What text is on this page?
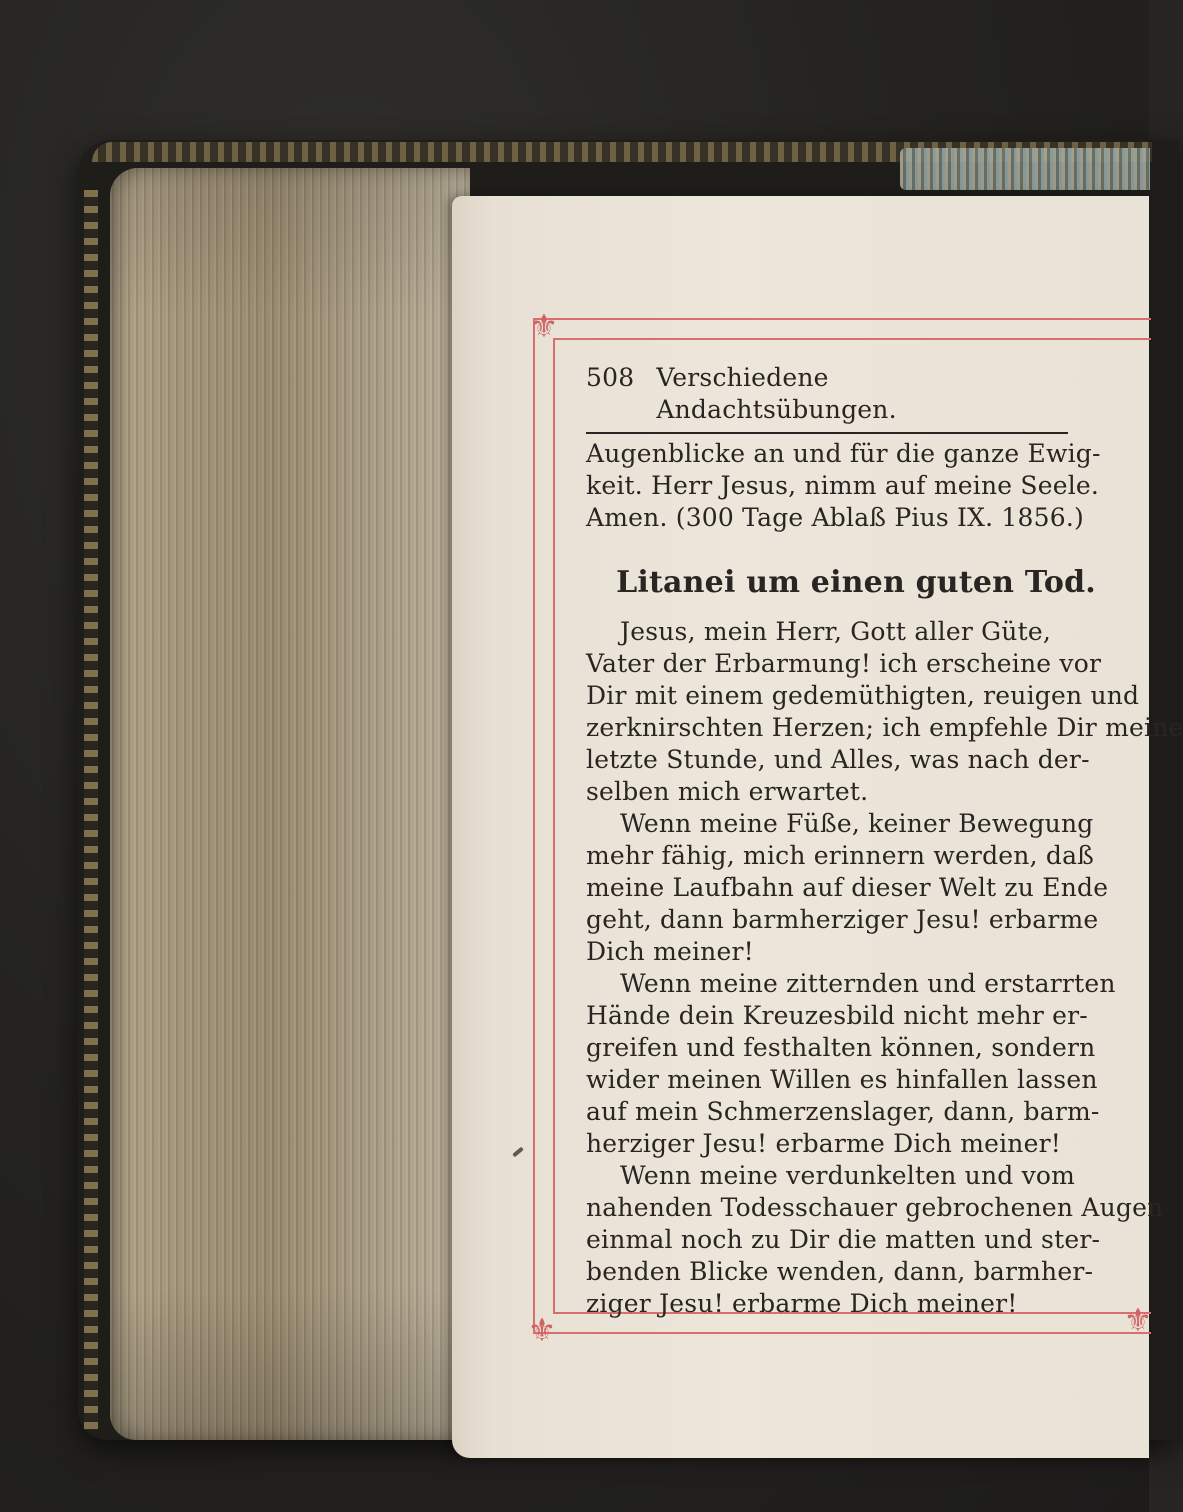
⚜
⚜	⚜
508 Verschiedene Andachtsübungen.
Augenblicke an und für die ganze Ewig-
keit. Herr Jesus, nimm auf meine Seele.
Amen. (300 Tage Ablaß Pius IX. 1856.)
Litanei um einen guten Tod.
Jesus, mein Herr, Gott aller Güte,
Vater der Erbarmung! ich erscheine vor
Dir mit einem gedemüthigten, reuigen und
zerknirschten Herzen; ich empfehle Dir meine
letzte Stunde, und Alles, was nach der-
selben mich erwartet.
Wenn meine Füße, keiner Bewegung
mehr fähig, mich erinnern werden, daß
meine Laufbahn auf dieser Welt zu Ende
geht, dann barmherziger Jesu! erbarme
Dich meiner!
Wenn meine zitternden und erstarrten
Hände dein Kreuzesbild nicht mehr er-
greifen und festhalten können, sondern
wider meinen Willen es hinfallen lassen
auf mein Schmerzenslager, dann, barm-
herziger Jesu! erbarme Dich meiner!
Wenn meine verdunkelten und vom
nahenden Todesschauer gebrochenen Augen
einmal noch zu Dir die matten und ster-
benden Blicke wenden, dann, barmher-
ziger Jesu! erbarme Dich meiner!
